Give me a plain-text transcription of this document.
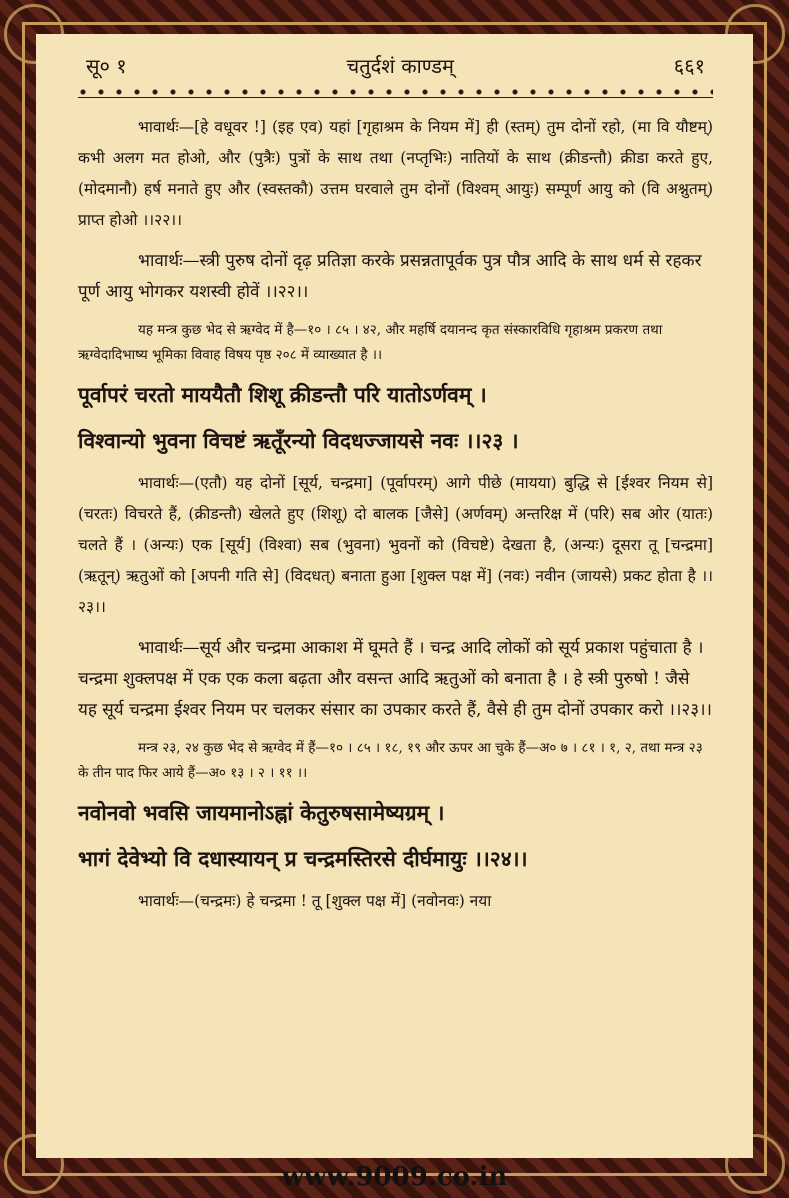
सू० १	चतुर्दशं काण्डम्	६६१

भावार्थः—[हे वधूवर !] (इह एव) यहां [गृहाश्रम के नियम में] ही (स्तम्) तुम दोनों रहो, (मा वि यौष्टम्) कभी अलग मत होओ, और (पुत्रैः) पुत्रों के साथ तथा (नप्तृभिः) नातियों के साथ (क्रीडन्तौ) क्रीडा करते हुए, (मोदमानौ) हर्ष मनाते हुए और (स्वस्तकौ) उत्तम घरवाले तुम दोनों (विश्वम् आयुः) सम्पूर्ण आयु को (वि अश्नुतम्) प्राप्त होओ ।।२२।।

भावार्थः—स्त्री पुरुष दोनों दृढ़ प्रतिज्ञा करके प्रसन्नतापूर्वक पुत्र पौत्र आदि के साथ धर्म से रहकर पूर्ण आयु भोगकर यशस्वी होवें ।।२२।।

यह मन्त्र कुछ भेद से ऋग्वेद में है—१० । ८५ । ४२, और महर्षि दयानन्द कृत संस्कारविधि गृहाश्रम प्रकरण तथा ऋग्वेदादिभाष्य भूमिका विवाह विषय पृष्ठ २०८ में व्याख्यात है ।।

पूर्वापरं चरतो माययैतौ शिशू क्रीडन्तौ परि यातोऽर्णवम् ।

विश्वान्यो भुवना विचष्टं ऋतूँरन्यो विदधज्जायसे नवः ।।२३ ।

भावार्थः—(एतौ) यह दोनों [सूर्य, चन्द्रमा] (पूर्वापरम्) आगे पीछे (मायया) बुद्धि से [ईश्वर नियम से] (चरतः) विचरते हैं, (क्रीडन्तौ) खेलते हुए (शिशू) दो बालक [जैसे] (अर्णवम्) अन्तरिक्ष में (परि) सब ओर (यातः) चलते हैं । (अन्यः) एक [सूर्य] (विश्वा) सब (भुवना) भुवनों को (विचष्टे) देखता है, (अन्यः) दूसरा तू [चन्द्रमा] (ऋतून्) ऋतुओं को [अपनी गति से] (विदधत्) बनाता हुआ [शुक्ल पक्ष में] (नवः) नवीन (जायसे) प्रकट होता है ।।२३।।

भावार्थः—सूर्य और चन्द्रमा आकाश में घूमते हैं । चन्द्र आदि लोकों को सूर्य प्रकाश पहुंचाता है । चन्द्रमा शुक्लपक्ष में एक एक कला बढ़ता और वसन्त आदि ऋतुओं को बनाता है । हे स्त्री पुरुषो ! जैसे यह सूर्य चन्द्रमा ईश्वर नियम पर चलकर संसार का उपकार करते हैं, वैसे ही तुम दोनों उपकार करो ।।२३।।

मन्त्र २३, २४ कुछ भेद से ऋग्वेद में हैं—१० । ८५ । १८, १९ और ऊपर आ चुके हैं—अ० ७ । ८१ । १, २, तथा मन्त्र २३ के तीन पाद फिर आये हैं—अ० १३ । २ । ११ ।।

नवोनवो भवसि जायमानोऽह्नां केतुरुषसामेष्यग्रम् ।

भागं देवेभ्यो वि दधास्यायन् प्र चन्द्रमस्तिरसे दीर्घमायुः ।।२४।।

भावार्थः—(चन्द्रमः) हे चन्द्रमा ! तू [शुक्ल पक्ष में] (नवोनवः) नया

www.9009.co.in
